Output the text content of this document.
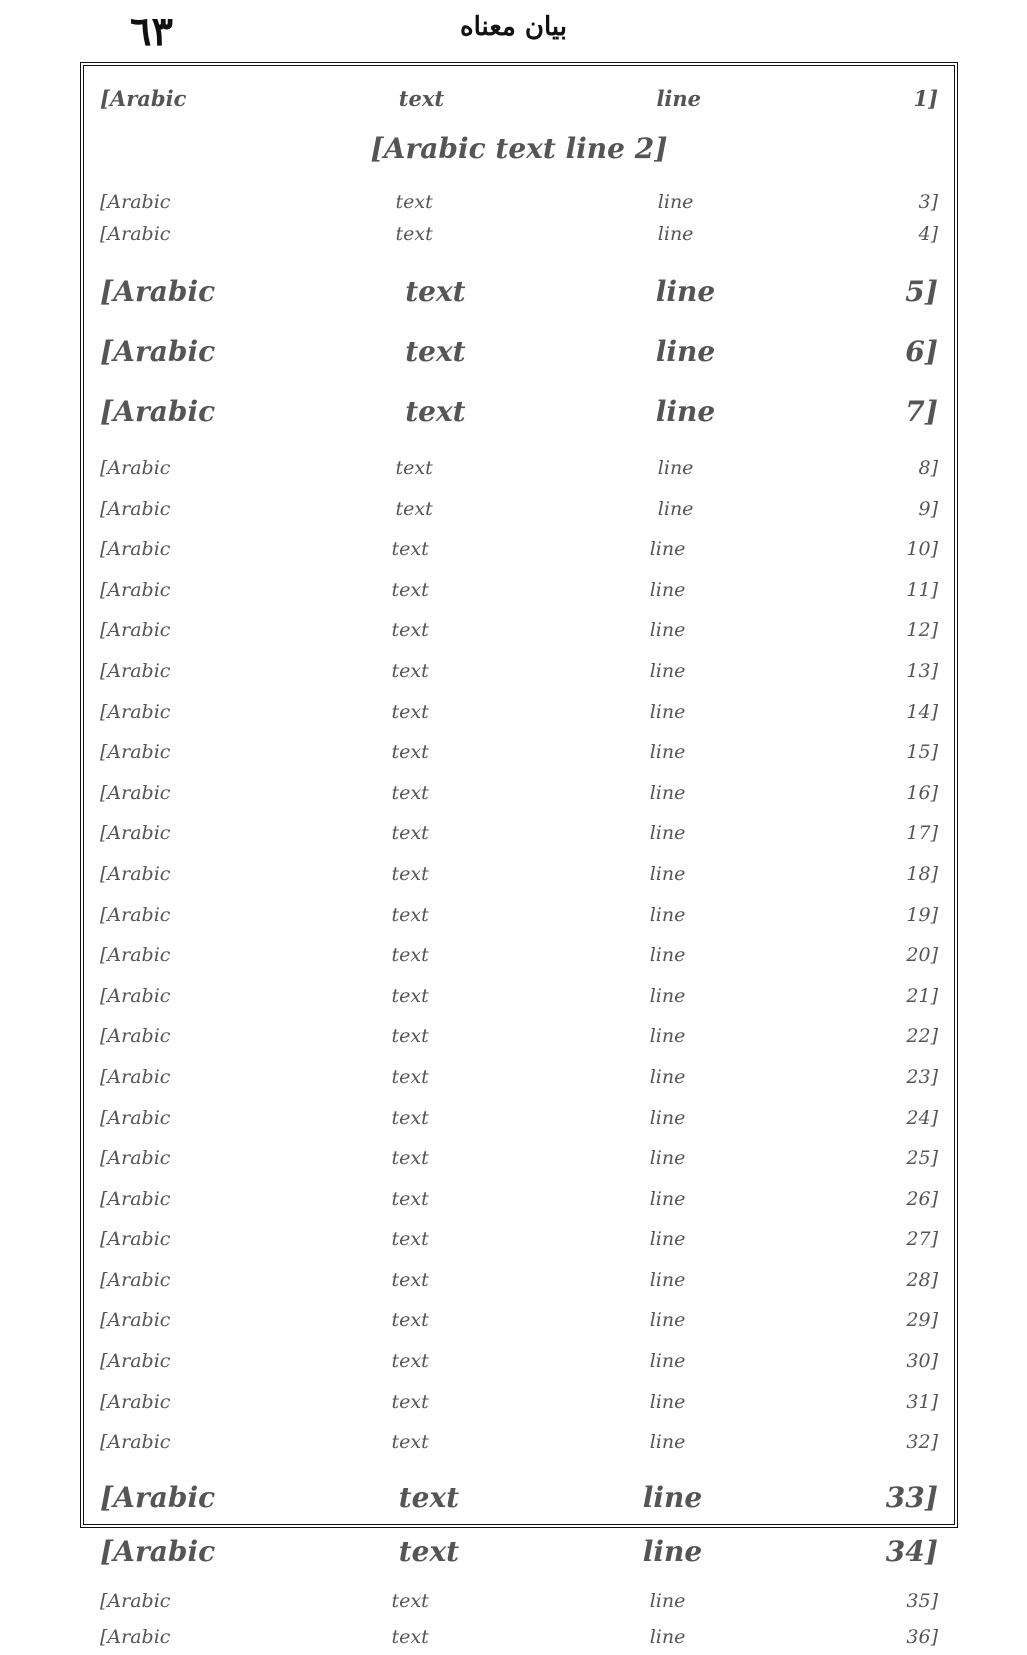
٦٣	بيان معناه
[Arabic text line 1]
[Arabic text line 2]
[Arabic text line 3]
[Arabic text line 4]
[Arabic text line 5]
[Arabic text line 6]
[Arabic text line 7]
[Arabic text line 8]
[Arabic text line 9]
[Arabic text line 10]
[Arabic text line 11]
[Arabic text line 12]
[Arabic text line 13]
[Arabic text line 14]
[Arabic text line 15]
[Arabic text line 16]
[Arabic text line 17]
[Arabic text line 18]
[Arabic text line 19]
[Arabic text line 20]
[Arabic text line 21]
[Arabic text line 22]
[Arabic text line 23]
[Arabic text line 24]
[Arabic text line 25]
[Arabic text line 26]
[Arabic text line 27]
[Arabic text line 28]
[Arabic text line 29]
[Arabic text line 30]
[Arabic text line 31]
[Arabic text line 32]
[Arabic text line 33]
[Arabic text line 34]
[Arabic text line 35]
[Arabic text line 36]
